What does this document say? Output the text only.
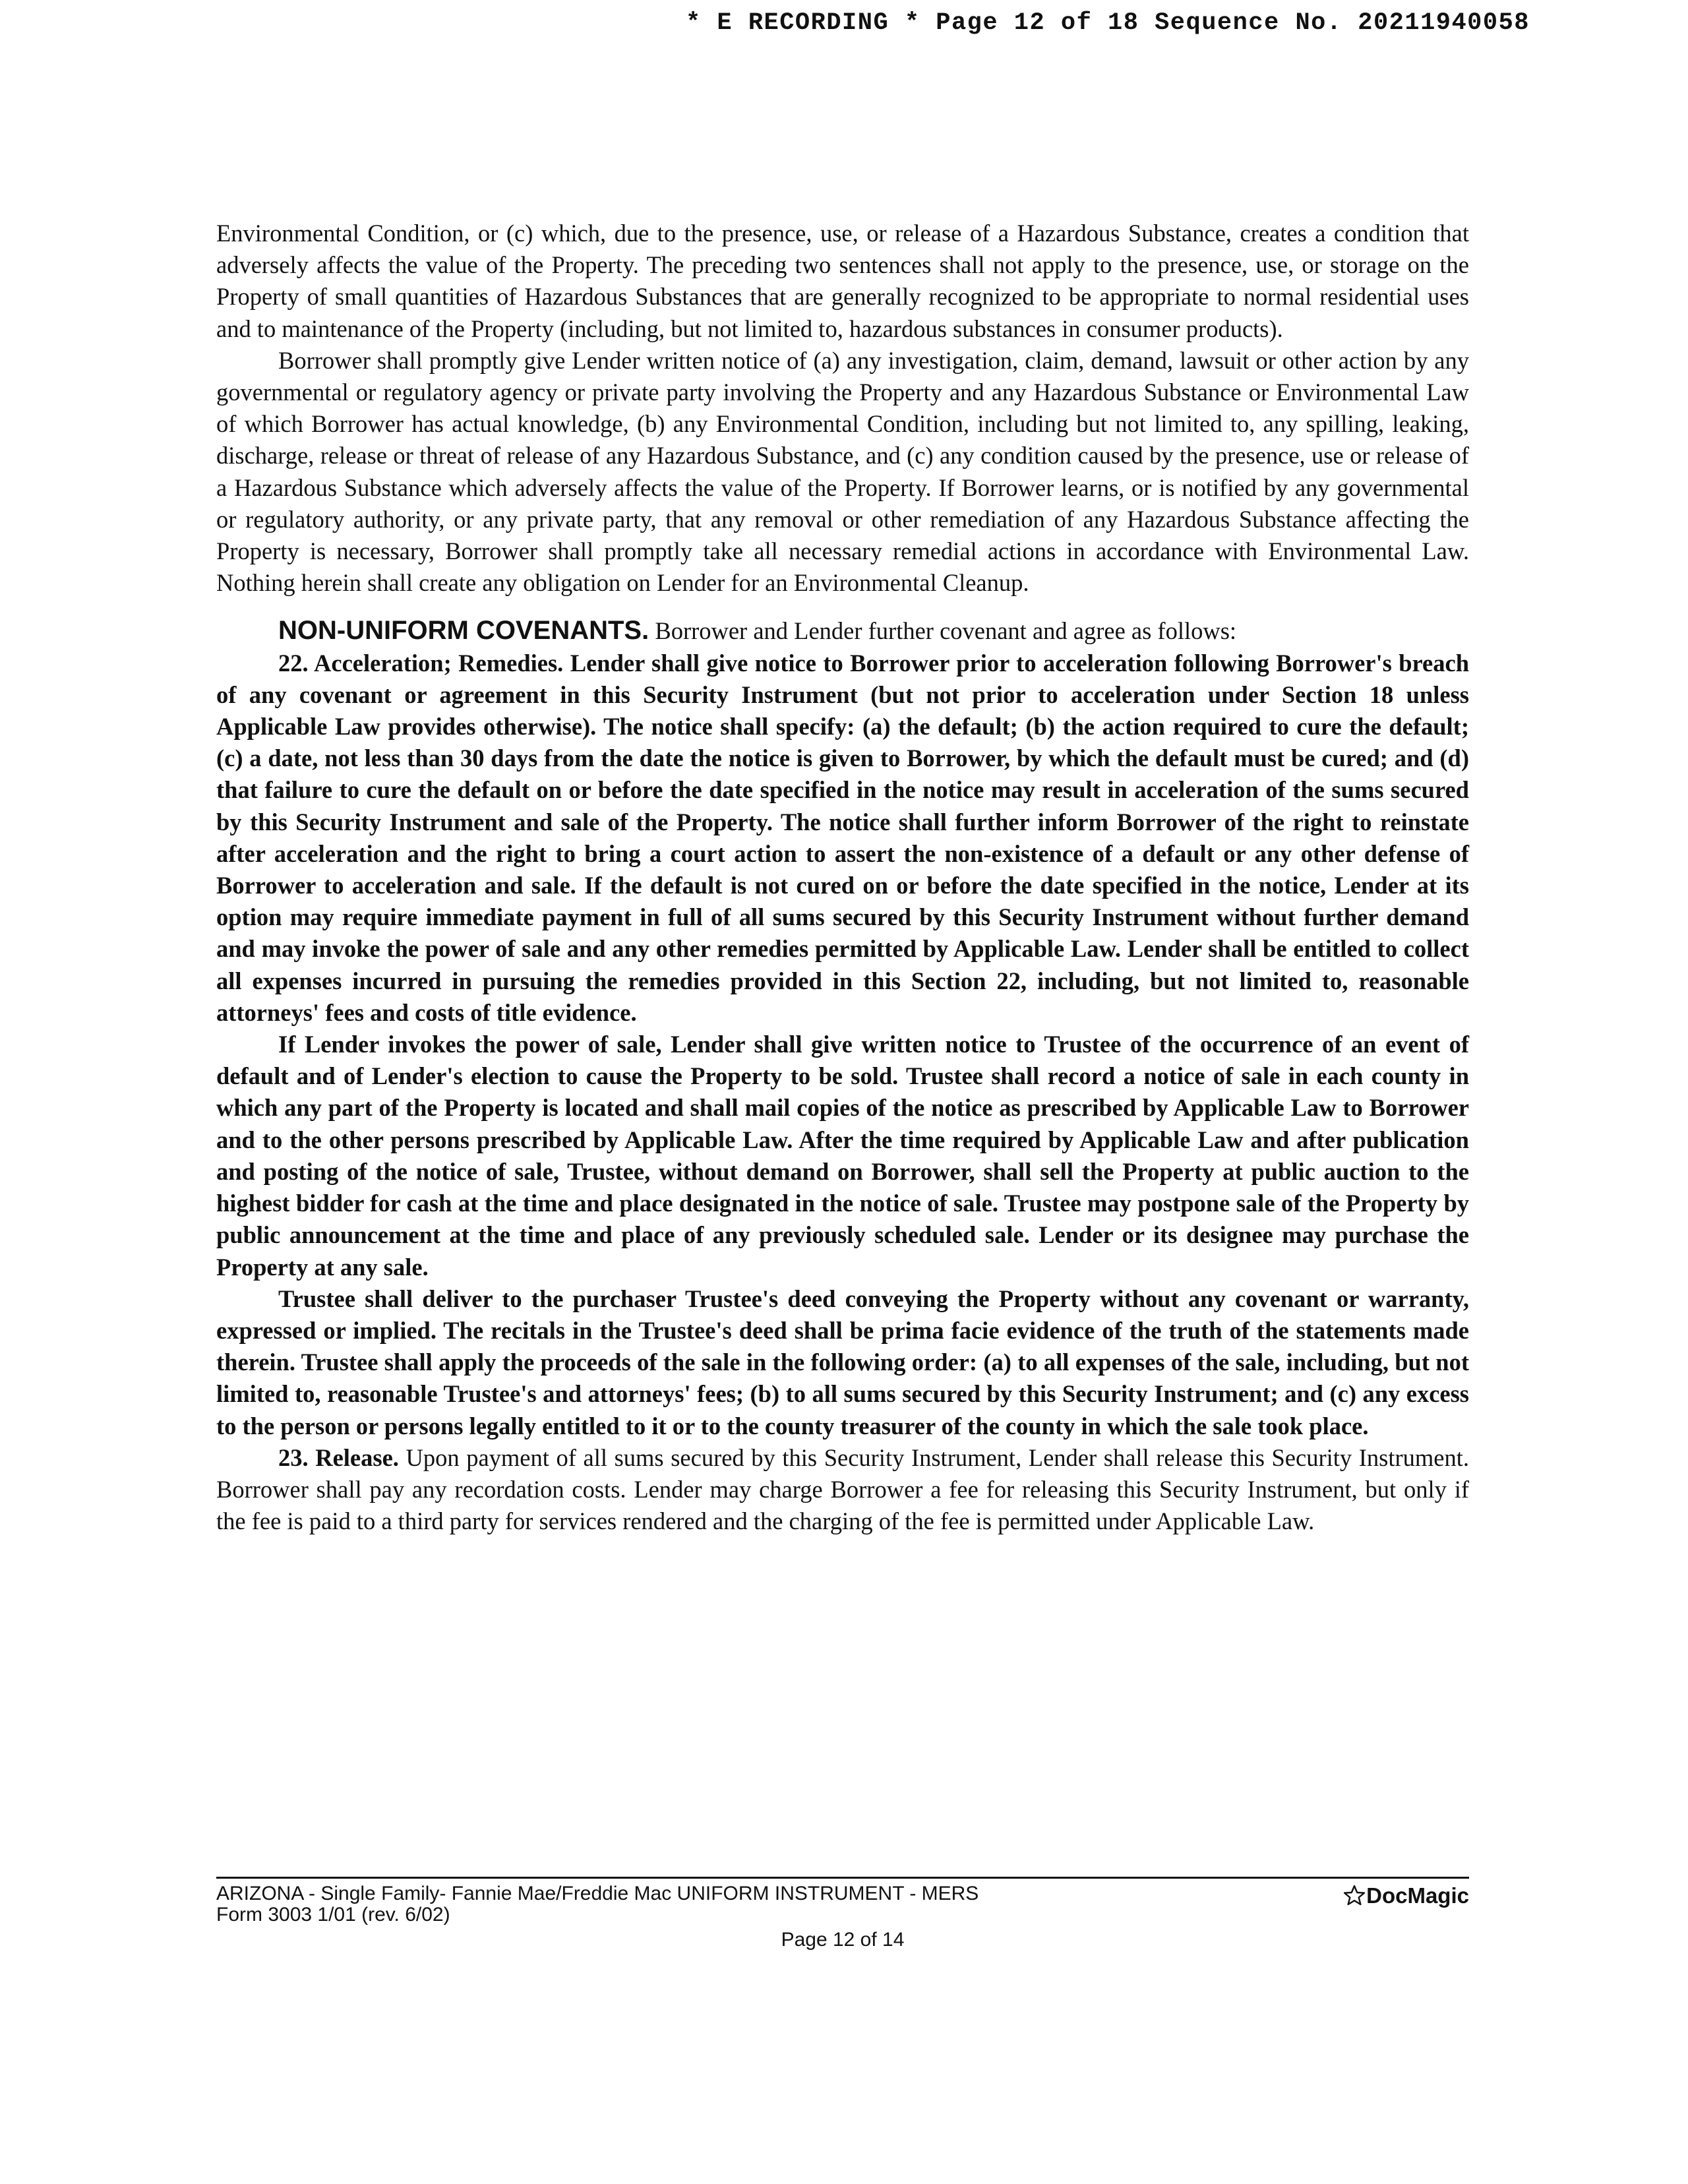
* E RECORDING * Page 12 of 18 Sequence No. 20211940058

Environmental Condition, or (c) which, due to the presence, use, or release of a Hazardous Substance, creates a condition that adversely affects the value of the Property. The preceding two sentences shall not apply to the presence, use, or storage on the Property of small quantities of Hazardous Substances that are generally recognized to be appropriate to normal residential uses and to maintenance of the Property (including, but not limited to, hazardous substances in consumer products).

Borrower shall promptly give Lender written notice of (a) any investigation, claim, demand, lawsuit or other action by any governmental or regulatory agency or private party involving the Property and any Hazardous Substance or Environmental Law of which Borrower has actual knowledge, (b) any Environmental Condition, including but not limited to, any spilling, leaking, discharge, release or threat of release of any Hazardous Substance, and (c) any condition caused by the presence, use or release of a Hazardous Substance which adversely affects the value of the Property. If Borrower learns, or is notified by any governmental or regulatory authority, or any private party, that any removal or other remediation of any Hazardous Substance affecting the Property is necessary, Borrower shall promptly take all necessary remedial actions in accordance with Environmental Law. Nothing herein shall create any obligation on Lender for an Environmental Cleanup.

NON-UNIFORM COVENANTS. Borrower and Lender further covenant and agree as follows:

22. Acceleration; Remedies. Lender shall give notice to Borrower prior to acceleration following Borrower's breach of any covenant or agreement in this Security Instrument (but not prior to acceleration under Section 18 unless Applicable Law provides otherwise). The notice shall specify: (a) the default; (b) the action required to cure the default; (c) a date, not less than 30 days from the date the notice is given to Borrower, by which the default must be cured; and (d) that failure to cure the default on or before the date specified in the notice may result in acceleration of the sums secured by this Security Instrument and sale of the Property. The notice shall further inform Borrower of the right to reinstate after acceleration and the right to bring a court action to assert the non-existence of a default or any other defense of Borrower to acceleration and sale. If the default is not cured on or before the date specified in the notice, Lender at its option may require immediate payment in full of all sums secured by this Security Instrument without further demand and may invoke the power of sale and any other remedies permitted by Applicable Law. Lender shall be entitled to collect all expenses incurred in pursuing the remedies provided in this Section 22, including, but not limited to, reasonable attorneys' fees and costs of title evidence.

If Lender invokes the power of sale, Lender shall give written notice to Trustee of the occurrence of an event of default and of Lender's election to cause the Property to be sold. Trustee shall record a notice of sale in each county in which any part of the Property is located and shall mail copies of the notice as prescribed by Applicable Law to Borrower and to the other persons prescribed by Applicable Law. After the time required by Applicable Law and after publication and posting of the notice of sale, Trustee, without demand on Borrower, shall sell the Property at public auction to the highest bidder for cash at the time and place designated in the notice of sale. Trustee may postpone sale of the Property by public announcement at the time and place of any previously scheduled sale. Lender or its designee may purchase the Property at any sale.

Trustee shall deliver to the purchaser Trustee's deed conveying the Property without any covenant or warranty, expressed or implied. The recitals in the Trustee's deed shall be prima facie evidence of the truth of the statements made therein. Trustee shall apply the proceeds of the sale in the following order: (a) to all expenses of the sale, including, but not limited to, reasonable Trustee's and attorneys' fees; (b) to all sums secured by this Security Instrument; and (c) any excess to the person or persons legally entitled to it or to the county treasurer of the county in which the sale took place.

23. Release. Upon payment of all sums secured by this Security Instrument, Lender shall release this Security Instrument. Borrower shall pay any recordation costs. Lender may charge Borrower a fee for releasing this Security Instrument, but only if the fee is paid to a third party for services rendered and the charging of the fee is permitted under Applicable Law.

ARIZONA - Single Family- Fannie Mae/Freddie Mac UNIFORM INSTRUMENT - MERS
Form 3003 1/01 (rev. 6/02)
DocMagic
Page 12 of 14
